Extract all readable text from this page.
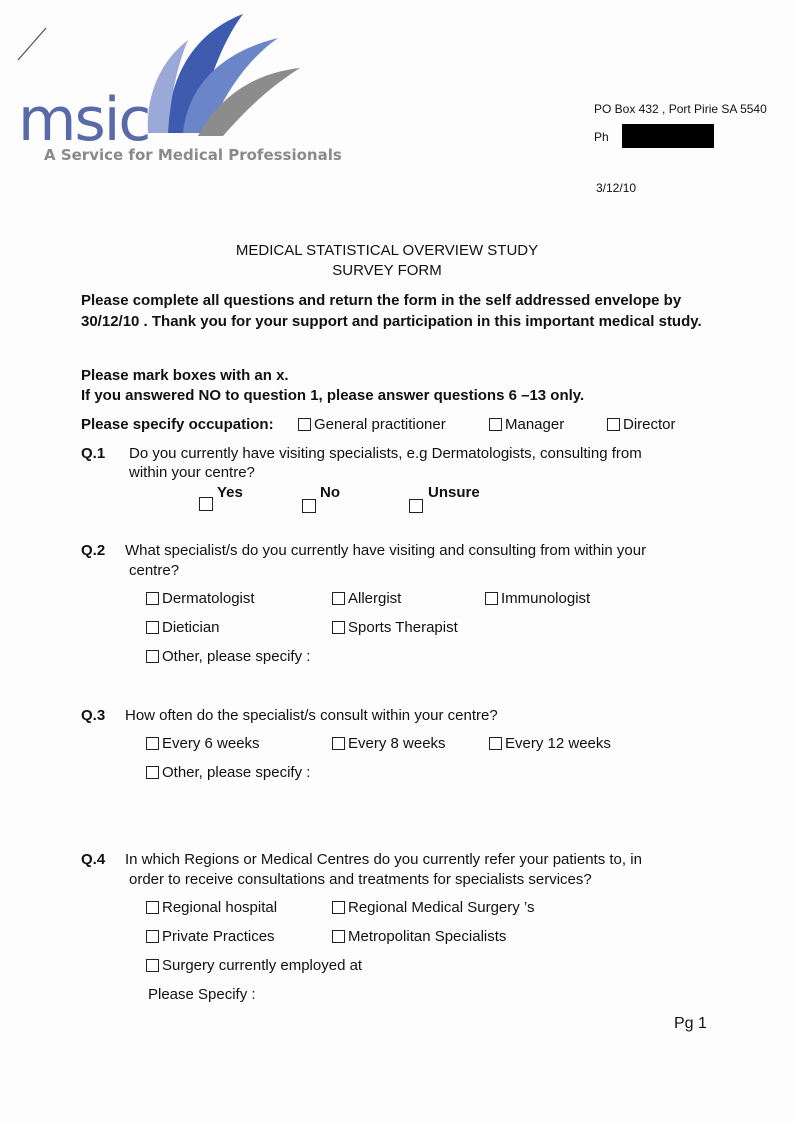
msic
A Service for Medical Professionals
PO Box 432 , Port Pirie SA 5540
Ph
3/12/10
MEDICAL STATISTICAL OVERVIEW STUDY
SURVEY FORM
Please complete all questions and return the form in the self addressed envelope by 30/12/10 . Thank you for your support and participation in this important medical study.
Please mark boxes with an x.
If you answered NO to question 1, please answer questions 6 –13 only.
Please specify occupation:	General practitioner	Manager	Director
Q.1 Do you currently have visiting specialists, e.g Dermatologists, consulting from
within your centre?
Yes	No	Unsure
Q.2 What specialist/s do you currently have visiting and consulting from within your
centre?
Dermatologist	Allergist	Immunologist
Dietician	Sports Therapist
Other, please specify :
Q.3 How often do the specialist/s consult within your centre?
Every 6 weeks	Every 8 weeks	Every 12 weeks
Other, please specify :
Q.4 In which Regions or Medical Centres do you currently refer your patients to, in
order to receive consultations and treatments for specialists services?
Regional hospital	Regional Medical Surgery ’s
Private Practices	Metropolitan Specialists
Surgery currently employed at
Please Specify :
Pg 1
